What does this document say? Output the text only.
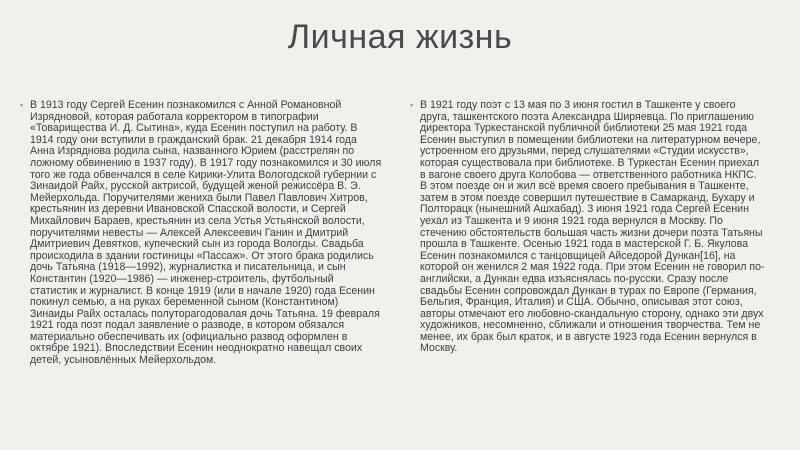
Личная жизнь
▪ В 1913 году Сергей Есенин познакомился с Анной Романовной Изрядновой, которая работала корректором в типографии «Товарищества И. Д. Сытина», куда Есенин поступил на работу. В 1914 году они вступили в гражданский брак. 21 декабря 1914 года Анна Изряднова родила сына, названного Юрием (расстрелян по ложному обвинению в 1937 году). В 1917 году познакомился и 30 июля того же года обвенчался в селе Кирики-Улита Вологодской губернии с Зинаидой Райх, русской актрисой, будущей женой режиссёра В. Э. Мейерхольда. Поручителями жениха были Павел Павлович Хитров, крестьянин из деревни Ивановской Спасской волости, и Сергей Михайлович Бараев, крестьянин из села Устья Устьянской волости, поручителями невесты — Алексей Алексеевич Ганин и Дмитрий Дмитриевич Девятков, купеческий сын из города Вологды. Свадьба происходила в здании гостиницы «Пассаж». От этого брака родились дочь Татьяна (1918—1992), журналистка и писательница, и сын Константин (1920—1986) — инженер-строитель, футбольный статистик и журналист. В конце 1919 (или в начале 1920) года Есенин покинул семью, а на руках беременной сыном (Константином) Зинаиды Райх осталась полуторагодовалая дочь Татьяна. 19 февраля 1921 года поэт подал заявление о разводе, в котором обязался материально обеспечивать их (официально развод оформлен в октябре 1921). Впоследствии Есенин неоднократно навещал своих детей, усыновлённых Мейерхольдом.

▪ В 1921 году поэт с 13 мая по 3 июня гостил в Ташкенте у своего друга, ташкентского поэта Александра Ширяевца. По приглашению директора Туркестанской публичной библиотеки 25 мая 1921 года Есенин выступил в помещении библиотеки на литературном вечере, устроенном его друзьями, перед слушателями «Студии искусств», которая существовала при библиотеке. В Туркестан Есенин приехал в вагоне своего друга Колобова — ответственного работника НКПС. В этом поезде он и жил всё время своего пребывания в Ташкенте, затем в этом поезде совершил путешествие в Самарканд, Бухару и Полторацк (нынешний Ашхабад). 3 июня 1921 года Сергей Есенин уехал из Ташкента и 9 июня 1921 года вернулся в Москву. По стечению обстоятельств большая часть жизни дочери поэта Татьяны прошла в Ташкенте. Осенью 1921 года в мастерской Г. Б. Якулова Есенин познакомился с танцовщицей Айседорой Дункан[16], на которой он женился 2 мая 1922 года. При этом Есенин не говорил по-английски, а Дункан едва изъяснялась по-русски. Сразу после свадьбы Есенин сопровождал Дункан в турах по Европе (Германия, Бельгия, Франция, Италия) и США. Обычно, описывая этот союз, авторы отмечают его любовно-скандальную сторону, однако эти двух художников, несомненно, сближали и отношения творчества. Тем не менее, их брак был краток, и в августе 1923 года Есенин вернулся в Москву.
